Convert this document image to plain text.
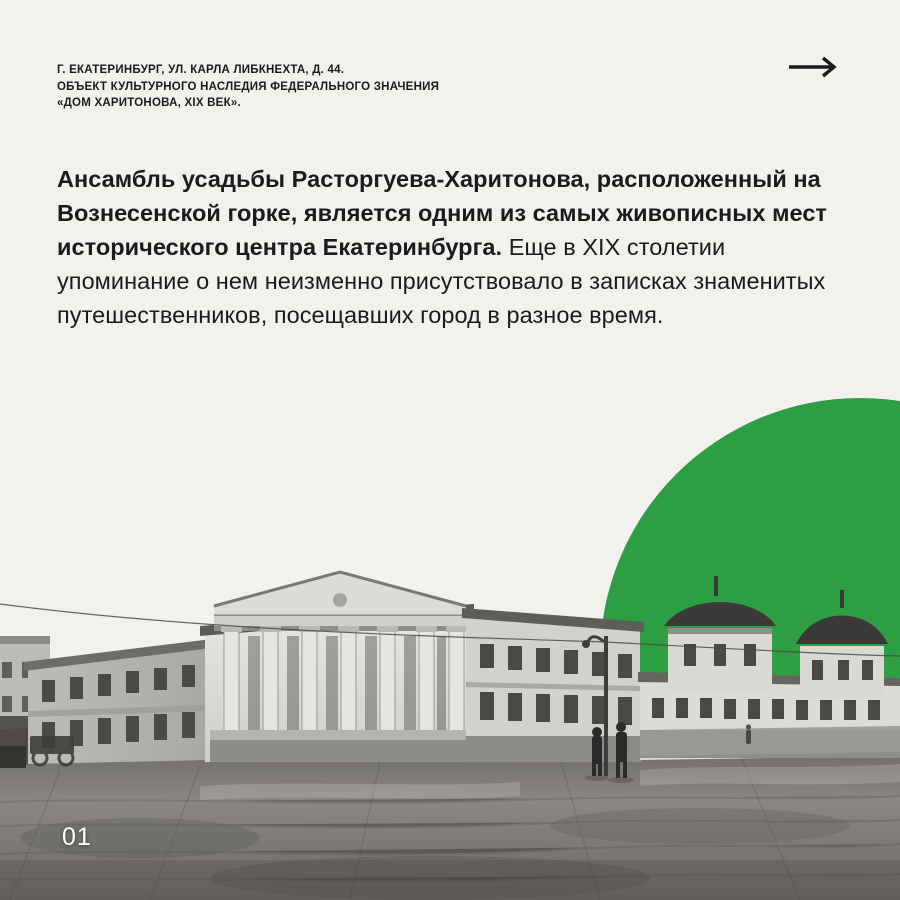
Г. ЕКАТЕРИНБУРГ, УЛ. КАРЛА ЛИБКНЕХТА, Д. 44.
ОБЪЕКТ КУЛЬТУРНОГО НАСЛЕДИЯ ФЕДЕРАЛЬНОГО ЗНАЧЕНИЯ
«ДОМ ХАРИТОНОВА, XIX ВЕК».

Ансамбль усадьбы Расторгуева-Харитонова, расположенный на Вознесенской горке, является одним из самых живописных мест исторического центра Екатеринбурга. Еще в XIX столетии упоминание о нем неизменно присутствовало в записках знаменитых путешественников, посещавших город в разное время.

01
